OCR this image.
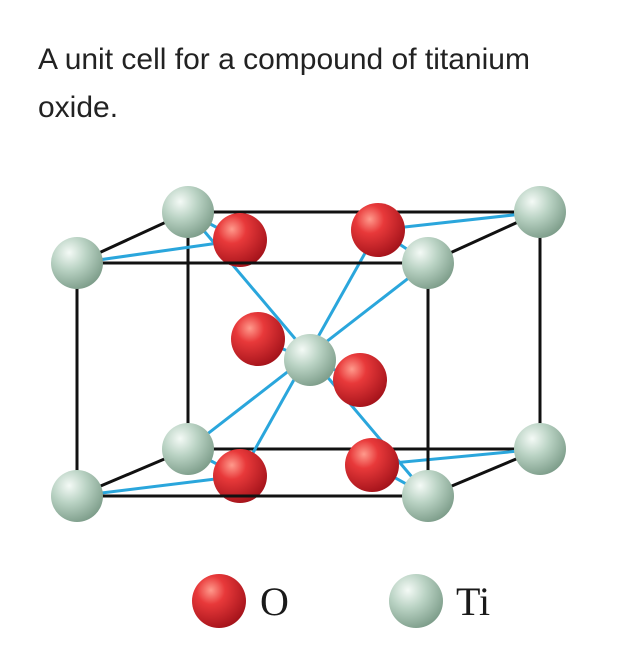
A unit cell for a compound of titanium oxide.
O	Ti
